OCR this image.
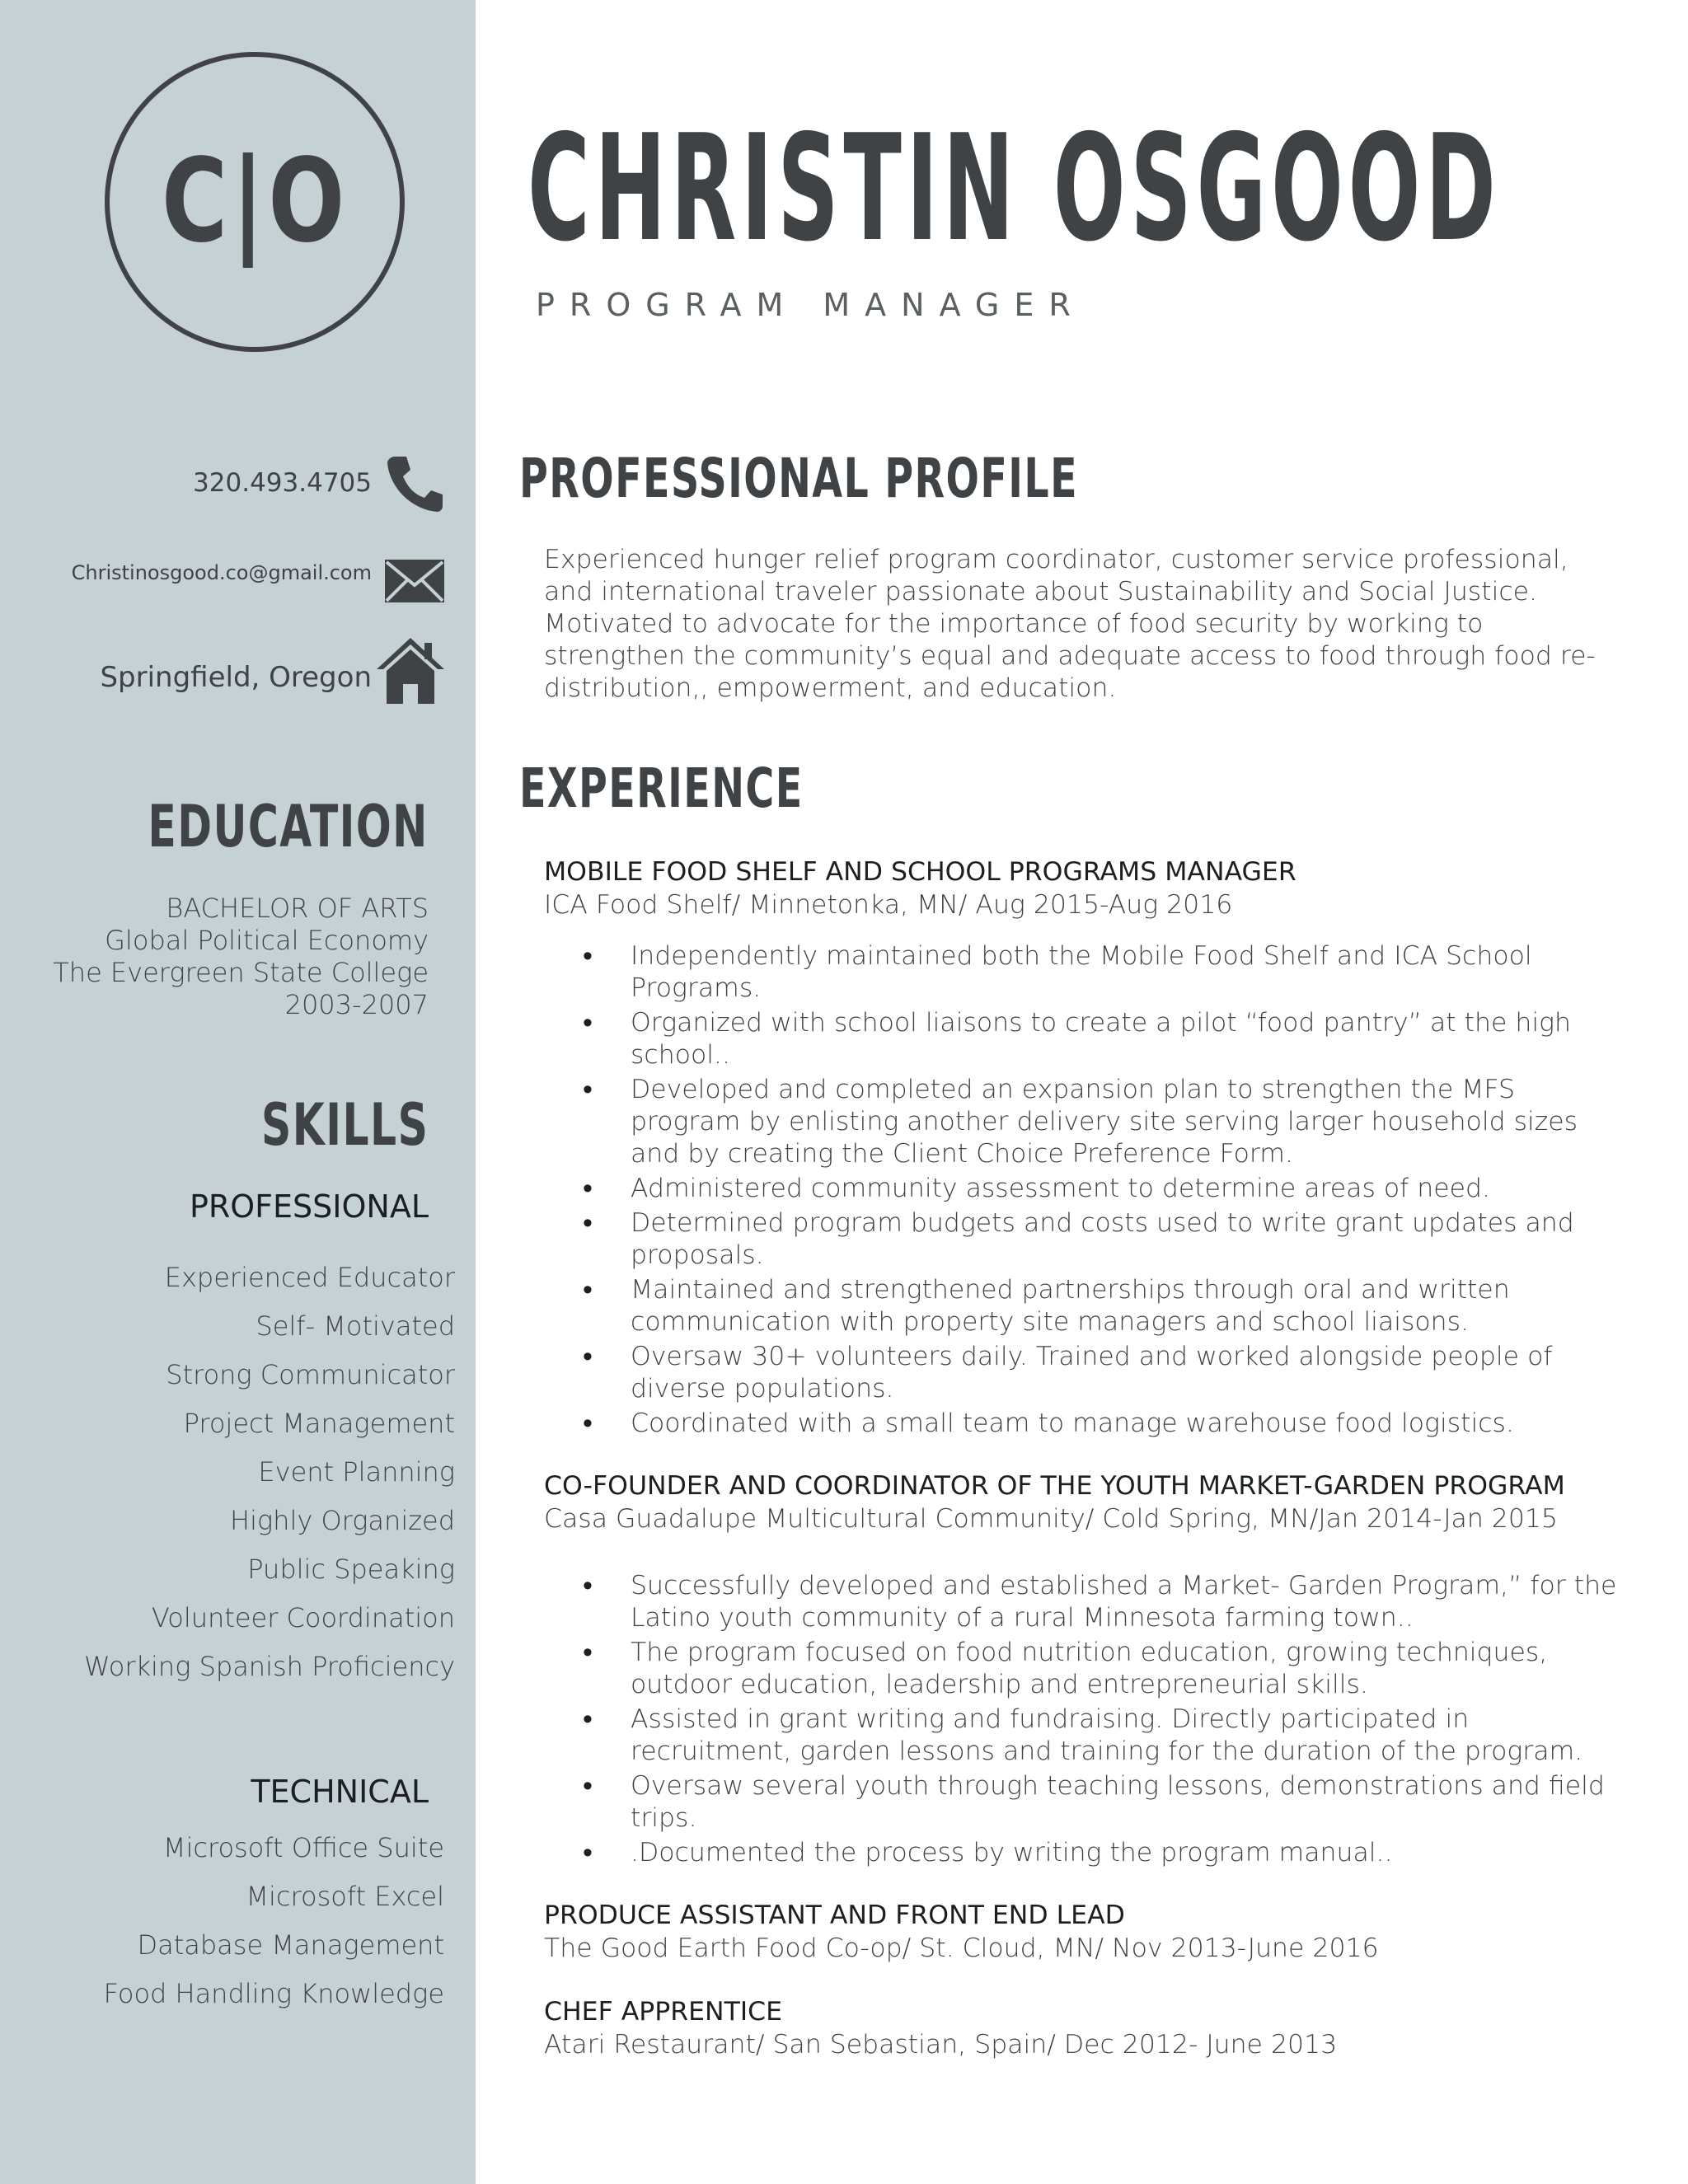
C|O
320.493.4705
Christinosgood.co@gmail.com
Springfield, Oregon
EDUCATION
BACHELOR OF ARTS
Global Political Economy
The Evergreen State College
2003-2007
SKILLS
PROFESSIONAL
Experienced Educator
Self- Motivated
Strong Communicator
Project Management
Event Planning
Highly Organized
Public Speaking
Volunteer Coordination
Working Spanish Proficiency
TECHNICAL
Microsoft Office Suite
Microsoft Excel
Database Management
Food Handling Knowledge
CHRISTIN OSGOOD
PROGRAM MANAGER
PROFESSIONAL PROFILE
Experienced hunger relief program coordinator, customer service professional, and international traveler passionate about Sustainability and Social Justice. Motivated to advocate for the importance of food security by working to strengthen the community’s equal and adequate access to food through food re-distribution,, empowerment, and education.
EXPERIENCE
MOBILE FOOD SHELF AND SCHOOL PROGRAMS MANAGER
ICA Food Shelf/ Minnetonka, MN/ Aug 2015-Aug 2016
• Independently maintained both the Mobile Food Shelf and ICA School Programs.
• Organized with school liaisons to create a pilot “food pantry” at the high school..
• Developed and completed an expansion plan to strengthen the MFS program by enlisting another delivery site serving larger household sizes and by creating the Client Choice Preference Form.
• Administered community assessment to determine areas of need.
• Determined program budgets and costs used to write grant updates and proposals.
• Maintained and strengthened partnerships through oral and written communication with property site managers and school liaisons.
• Oversaw 30+ volunteers daily. Trained and worked alongside people of diverse populations.
• Coordinated with a small team to manage warehouse food logistics.
CO-FOUNDER AND COORDINATOR OF THE YOUTH MARKET-GARDEN PROGRAM
Casa Guadalupe Multicultural Community/ Cold Spring, MN/Jan 2014-Jan 2015
• Successfully developed and established a Market- Garden Program,” for the Latino youth community of a rural Minnesota farming town..
• The program focused on food nutrition education, growing techniques, outdoor education, leadership and entrepreneurial skills.
• Assisted in grant writing and fundraising. Directly participated in recruitment, garden lessons and training for the duration of the program.
• Oversaw several youth through teaching lessons, demonstrations and field trips.
• .Documented the process by writing the program manual..
PRODUCE ASSISTANT AND FRONT END LEAD
The Good Earth Food Co-op/ St. Cloud, MN/ Nov 2013-June 2016
CHEF APPRENTICE
Atari Restaurant/ San Sebastian, Spain/ Dec 2012- June 2013
